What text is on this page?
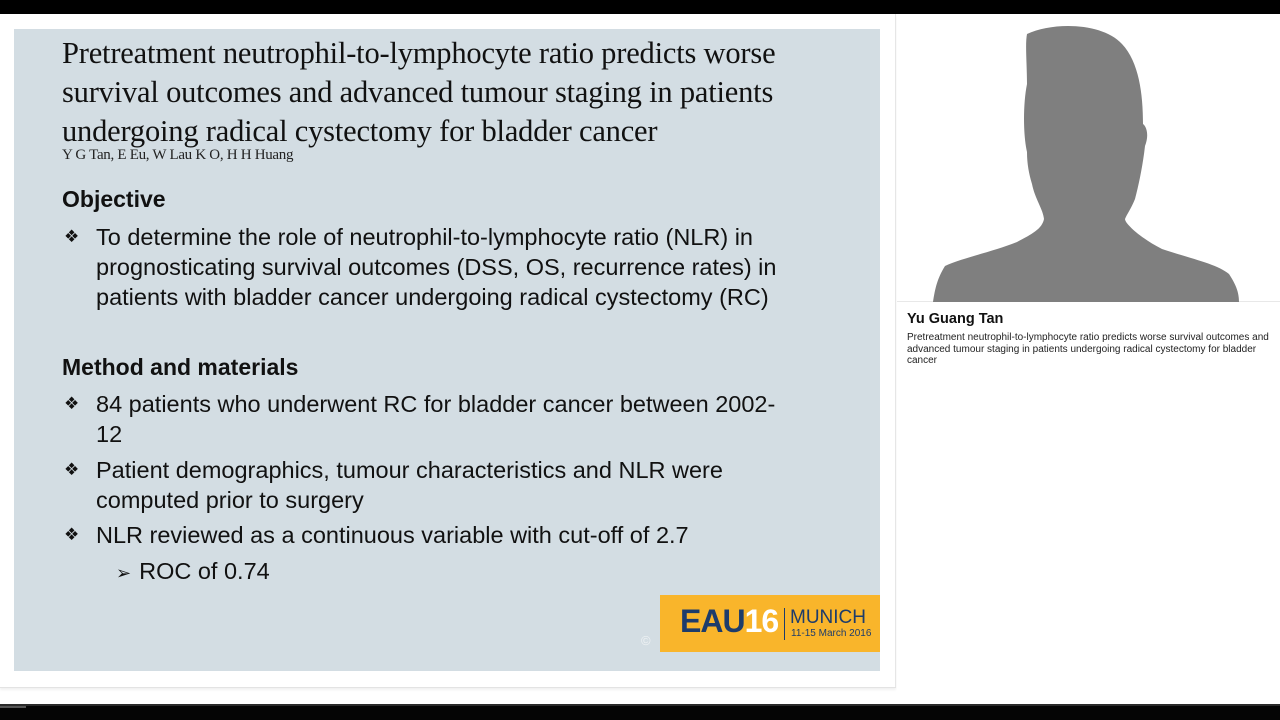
Pretreatment neutrophil-to-lymphocyte ratio predicts worse
survival outcomes and advanced tumour staging in patients
undergoing radical cystectomy for bladder cancer
Y G Tan, E Eu, W Lau K O, H H Huang
Objective
❖ To determine the role of neutrophil-to-lymphocyte ratio (NLR) in
prognosticating survival outcomes (DSS, OS, recurrence rates) in
patients with bladder cancer undergoing radical cystectomy (RC)
Method and materials
❖ 84 patients who underwent RC for bladder cancer between 2002-
12
❖ Patient demographics, tumour characteristics and NLR were
computed prior to surgery
❖ NLR reviewed as a continuous variable with cut-off of 2.7
➢ ROC of 0.74
©
EAU16 MUNICH
11-15 March 2016
Yu Guang Tan
Pretreatment neutrophil-to-lymphocyte ratio predicts worse survival outcomes and advanced tumour staging in patients undergoing radical cystectomy for bladder cancer
